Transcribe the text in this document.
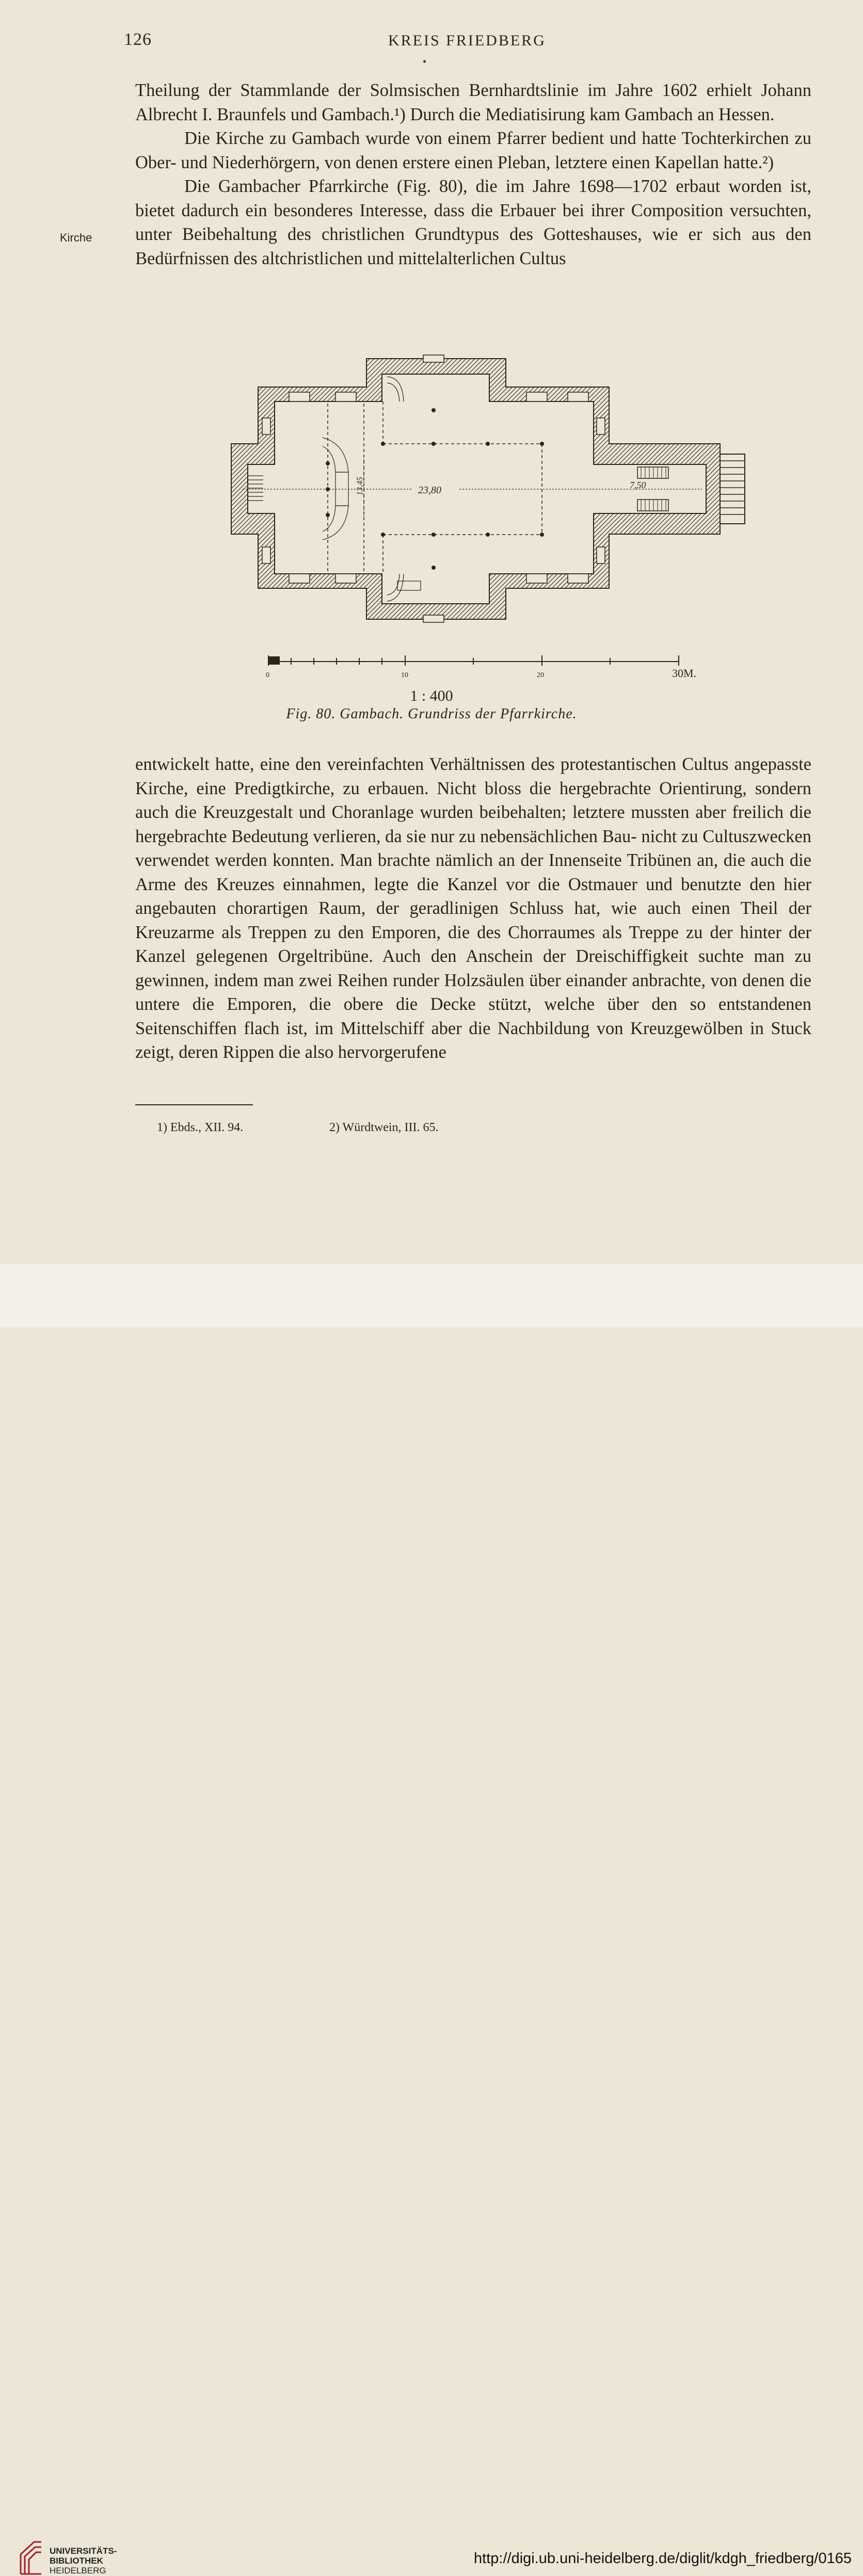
126	KREIS FRIEDBERG
Kirche

Theilung der Stammlande der Solmsischen Bernhardtslinie im Jahre 1602 erhielt Johann Albrecht I. Braunfels und Gambach.¹) Durch die Mediatisirung kam Gambach an Hessen.

Die Kirche zu Gambach wurde von einem Pfarrer bedient und hatte Tochterkirchen zu Ober- und Niederhörgern, von denen erstere einen Pleban, letztere einen Kapellan hatte.²)

Die Gambacher Pfarrkirche (Fig. 80), die im Jahre 1698—1702 erbaut worden ist, bietet dadurch ein besonderes Interesse, dass die Erbauer bei ihrer Composition versuchten, unter Beibehaltung des christlichen Grundtypus des Gotteshauses, wie er sich aus den Bedürfnissen des altchristlichen und mittelalterlichen Cultus

23,80
13,45	7,50
0	10	20	30M.
1 : 400
Fig. 80. Gambach. Grundriss der Pfarrkirche.

entwickelt hatte, eine den vereinfachten Verhältnissen des protestantischen Cultus angepasste Kirche, eine Predigtkirche, zu erbauen. Nicht bloss die hergebrachte Orientirung, sondern auch die Kreuzgestalt und Choranlage wurden beibehalten; letztere mussten aber freilich die hergebrachte Bedeutung verlieren, da sie nur zu nebensächlichen Bau- nicht zu Cultuszwecken verwendet werden konnten. Man brachte nämlich an der Innenseite Tribünen an, die auch die Arme des Kreuzes einnahmen, legte die Kanzel vor die Ostmauer und benutzte den hier angebauten chorartigen Raum, der geradlinigen Schluss hat, wie auch einen Theil der Kreuzarme als Treppen zu den Emporen, die des Chorraumes als Treppe zu der hinter der Kanzel gelegenen Orgeltribüne. Auch den Anschein der Dreischiffigkeit suchte man zu gewinnen, indem man zwei Reihen runder Holzsäulen über einander anbrachte, von denen die untere die Emporen, die obere die Decke stützt, welche über den so entstandenen Seitenschiffen flach ist, im Mittelschiff aber die Nachbildung von Kreuzgewölben in Stuck zeigt, deren Rippen die also hervorgerufene

1) Ebds., XII. 94.	2) Würdtwein, III. 65.
UNIVERSITÄTS-
BIBLIOTHEK
HEIDELBERG
http://digi.ub.uni-heidelberg.de/diglit/kdgh_friedberg/0165
